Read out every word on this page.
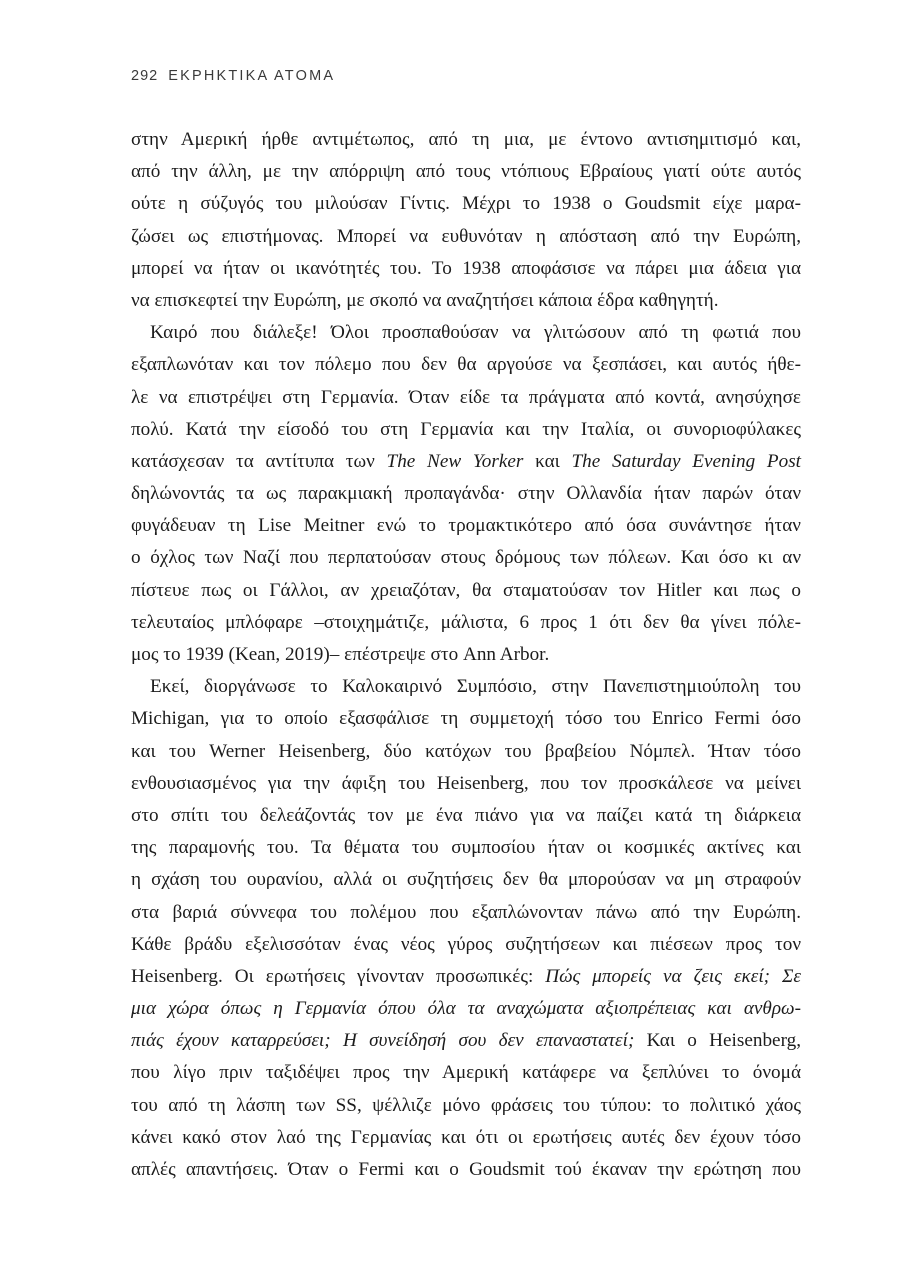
292 ΕΚΡΗΚΤΙΚΑ ΑΤΟΜΑ
στην Αμερική ήρθε αντιμέτωπος, από τη μια, με έντονο αντισημιτισμό και,
από την άλλη, με την απόρριψη από τους ντόπιους Εβραίους γιατί ούτε αυτός
ούτε η σύζυγός του μιλούσαν Γίντις. Μέχρι το 1938 ο Goudsmit είχε μαρα-
ζώσει ως επιστήμονας. Μπορεί να ευθυνόταν η απόσταση από την Ευρώπη,
μπορεί να ήταν οι ικανότητές του. Το 1938 αποφάσισε να πάρει μια άδεια για
να επισκεφτεί την Ευρώπη, με σκοπό να αναζητήσει κάποια έδρα καθηγητή.
Καιρό που διάλεξε! Όλοι προσπαθούσαν να γλιτώσουν από τη φωτιά που
εξαπλωνόταν και τον πόλεμο που δεν θα αργούσε να ξεσπάσει, και αυτός ήθε-
λε να επιστρέψει στη Γερμανία. Όταν είδε τα πράγματα από κοντά, ανησύχησε
πολύ. Κατά την είσοδό του στη Γερμανία και την Ιταλία, οι συνοριοφύλακες
κατάσχεσαν τα αντίτυπα των The New Yorker και The Saturday Evening Post
δηλώνοντάς τα ως παρακμιακή προπαγάνδα· στην Ολλανδία ήταν παρών όταν
φυγάδευαν τη Lise Meitner ενώ το τρομακτικότερο από όσα συνάντησε ήταν
ο όχλος των Ναζί που περπατούσαν στους δρόμους των πόλεων. Και όσο κι αν
πίστευε πως οι Γάλλοι, αν χρειαζόταν, θα σταματούσαν τον Hitler και πως ο
τελευταίος μπλόφαρε –στοιχημάτιζε, μάλιστα, 6 προς 1 ότι δεν θα γίνει πόλε-
μος το 1939 (Kean, 2019)– επέστρεψε στο Ann Arbor.
Εκεί, διοργάνωσε το Καλοκαιρινό Συμπόσιο, στην Πανεπιστημιούπολη του
Michigan, για το οποίο εξασφάλισε τη συμμετοχή τόσο του Enrico Fermi όσο
και του Werner Heisenberg, δύο κατόχων του βραβείου Νόμπελ. Ήταν τόσο
ενθουσιασμένος για την άφιξη του Heisenberg, που τον προσκάλεσε να μείνει
στο σπίτι του δελεάζοντάς τον με ένα πιάνο για να παίζει κατά τη διάρκεια
της παραμονής του. Τα θέματα του συμποσίου ήταν οι κοσμικές ακτίνες και
η σχάση του ουρανίου, αλλά οι συζητήσεις δεν θα μπορούσαν να μη στραφούν
στα βαριά σύννεφα του πολέμου που εξαπλώνονταν πάνω από την Ευρώπη.
Κάθε βράδυ εξελισσόταν ένας νέος γύρος συζητήσεων και πιέσεων προς τον
Heisenberg. Οι ερωτήσεις γίνονταν προσωπικές: Πώς μπορείς να ζεις εκεί; Σε
μια χώρα όπως η Γερμανία όπου όλα τα αναχώματα αξιοπρέπειας και ανθρω-
πιάς έχουν καταρρεύσει; Η συνείδησή σου δεν επαναστατεί; Και ο Heisenberg,
που λίγο πριν ταξιδέψει προς την Αμερική κατάφερε να ξεπλύνει το όνομά
του από τη λάσπη των SS, ψέλλιζε μόνο φράσεις του τύπου: το πολιτικό χάος
κάνει κακό στον λαό της Γερμανίας και ότι οι ερωτήσεις αυτές δεν έχουν τόσο
απλές απαντήσεις. Όταν ο Fermi και ο Goudsmit τού έκαναν την ερώτηση που
